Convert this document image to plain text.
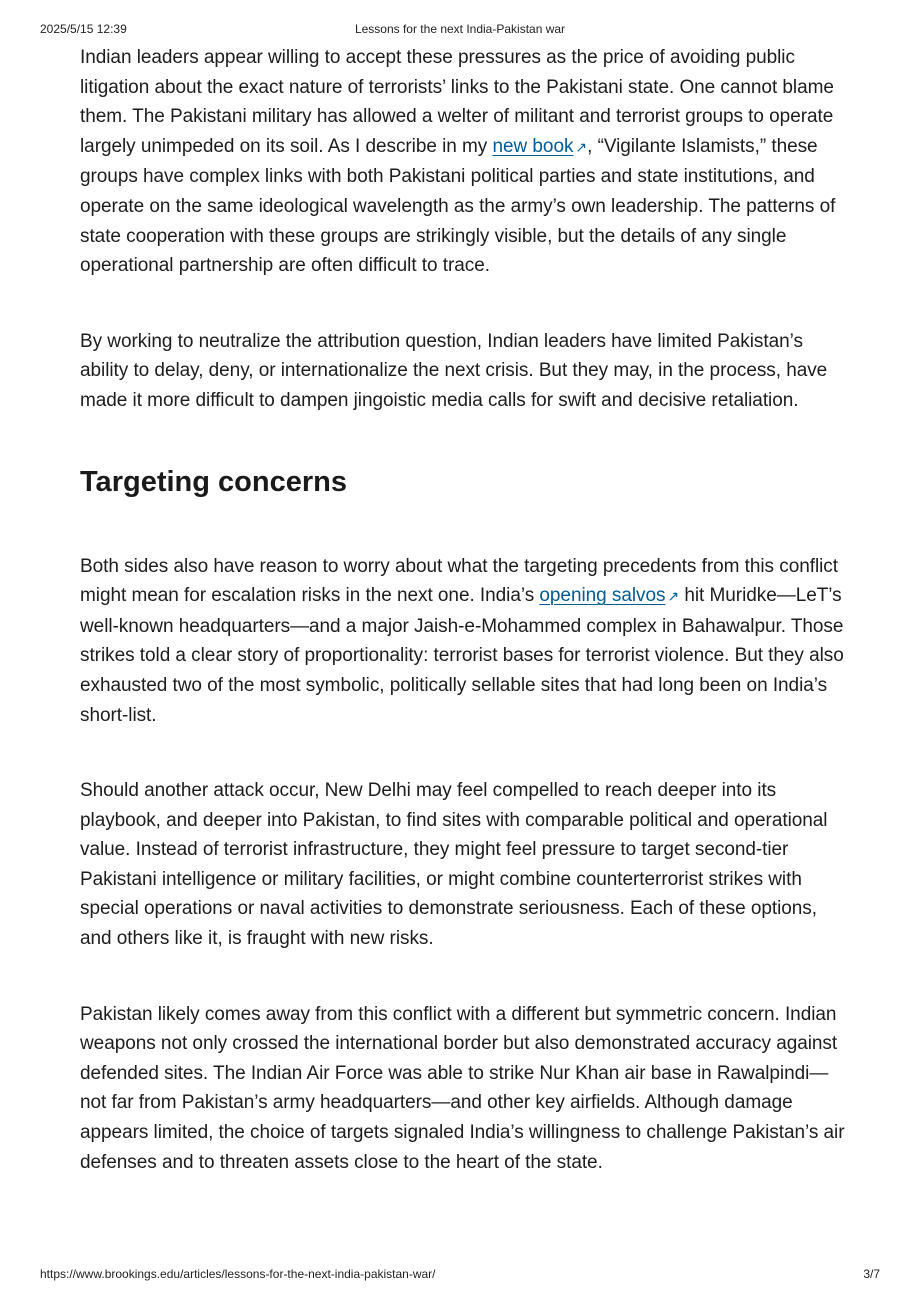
2025/5/15 12:39	Lessons for the next India-Pakistan war

Indian leaders appear willing to accept these pressures as the price of avoiding public litigation about the exact nature of terrorists’ links to the Pakistani state. One cannot blame them. The Pakistani military has allowed a welter of militant and terrorist groups to operate largely unimpeded on its soil. As I describe in my new book ↗, “Vigilante Islamists,” these groups have complex links with both Pakistani political parties and state institutions, and operate on the same ideological wavelength as the army’s own leadership. The patterns of state cooperation with these groups are strikingly visible, but the details of any single operational partnership are often difficult to trace.

By working to neutralize the attribution question, Indian leaders have limited Pakistan’s ability to delay, deny, or internationalize the next crisis. But they may, in the process, have made it more difficult to dampen jingoistic media calls for swift and decisive retaliation.

Targeting concerns

Both sides also have reason to worry about what the targeting precedents from this conflict might mean for escalation risks in the next one. India’s opening salvos ↗ hit Muridke—LeT’s well-known headquarters—and a major Jaish-e-Mohammed complex in Bahawalpur. Those strikes told a clear story of proportionality: terrorist bases for terrorist violence. But they also exhausted two of the most symbolic, politically sellable sites that had long been on India’s short-list.

Should another attack occur, New Delhi may feel compelled to reach deeper into its playbook, and deeper into Pakistan, to find sites with comparable political and operational value. Instead of terrorist infrastructure, they might feel pressure to target second-tier Pakistani intelligence or military facilities, or might combine counterterrorist strikes with special operations or naval activities to demonstrate seriousness. Each of these options, and others like it, is fraught with new risks.

Pakistan likely comes away from this conflict with a different but symmetric concern. Indian weapons not only crossed the international border but also demonstrated accuracy against defended sites. The Indian Air Force was able to strike Nur Khan air base in Rawalpindi—not far from Pakistan’s army headquarters—and other key airfields. Although damage appears limited, the choice of targets signaled India’s willingness to challenge Pakistan’s air defenses and to threaten assets close to the heart of the state.

https://www.brookings.edu/articles/lessons-for-the-next-india-pakistan-war/	3/7
